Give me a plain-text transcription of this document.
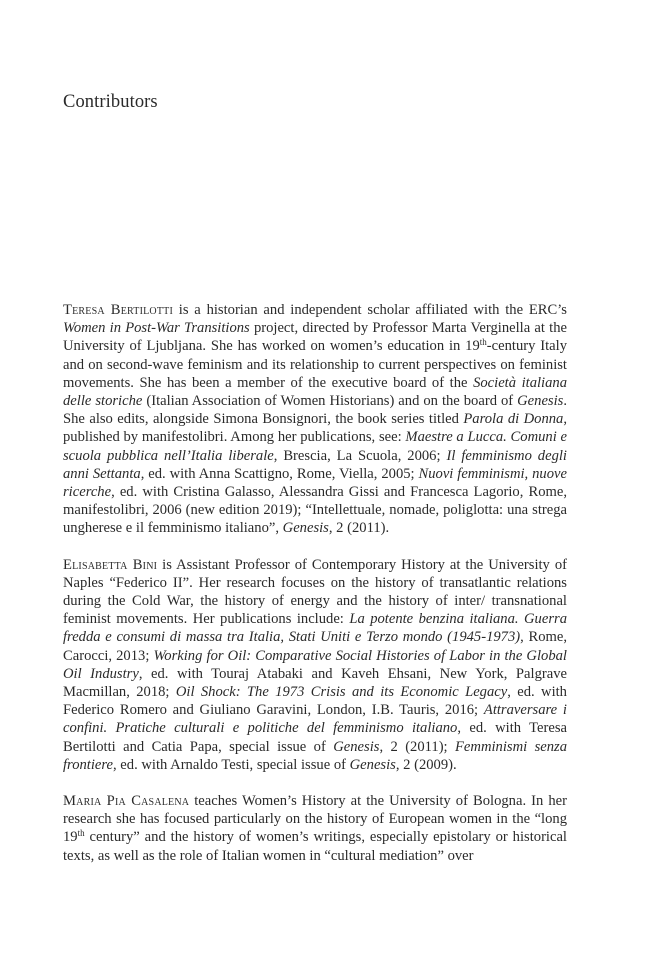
Contributors

Teresa Bertilotti is a historian and independent scholar affiliated with the ERC’s Women in Post-War Transitions project, directed by Professor Marta Verginella at the University of Ljubljana. She has worked on women’s education in 19th-century Italy and on second-wave feminism and its relationship to current perspectives on feminist movements. She has been a member of the executive board of the Società italiana delle storiche (Italian Association of Women Historians) and on the board of Genesis. She also edits, alongside Simona Bonsignori, the book series titled Parola di Donna, published by manifestolibri. Among her publications, see: Maestre a Lucca. Comuni e scuola pubblica nell’Italia liberale, Brescia, La Scuola, 2006; Il femminismo degli anni Settanta, ed. with Anna Scattigno, Rome, Viella, 2005; Nuovi femminismi, nuove ricerche, ed. with Cristina Galasso, Alessandra Gissi and Francesca Lagorio, Rome, manifestolibri, 2006 (new edition 2019); “Intellettuale, nomade, poliglotta: una strega ungherese e il femminismo italiano”, Genesis, 2 (2011).

Elisabetta Bini is Assistant Professor of Contemporary History at the University of Naples “Federico II”. Her research focuses on the history of transatlantic relations during the Cold War, the history of energy and the history of inter/ transnational feminist movements. Her publications include: La potente benzina italiana. Guerra fredda e consumi di massa tra Italia, Stati Uniti e Terzo mondo (1945-1973), Rome, Carocci, 2013; Working for Oil: Comparative Social Histories of Labor in the Global Oil Industry, ed. with Touraj Atabaki and Kaveh Ehsani, New York, Palgrave Macmillan, 2018; Oil Shock: The 1973 Crisis and its Economic Legacy, ed. with Federico Romero and Giuliano Garavini, London, I.B. Tauris, 2016; Attraversare i confini. Pratiche culturali e politiche del femminismo italiano, ed. with Teresa Bertilotti and Catia Papa, special issue of Genesis, 2 (2011); Femminismi senza frontiere, ed. with Arnaldo Testi, special issue of Genesis, 2 (2009).

Maria Pia Casalena teaches Women’s History at the University of Bologna. In her research she has focused particularly on the history of European women in the “long 19th century” and the history of women’s writings, especially epistolary or historical texts, as well as the role of Italian women in “cultural mediation” over
